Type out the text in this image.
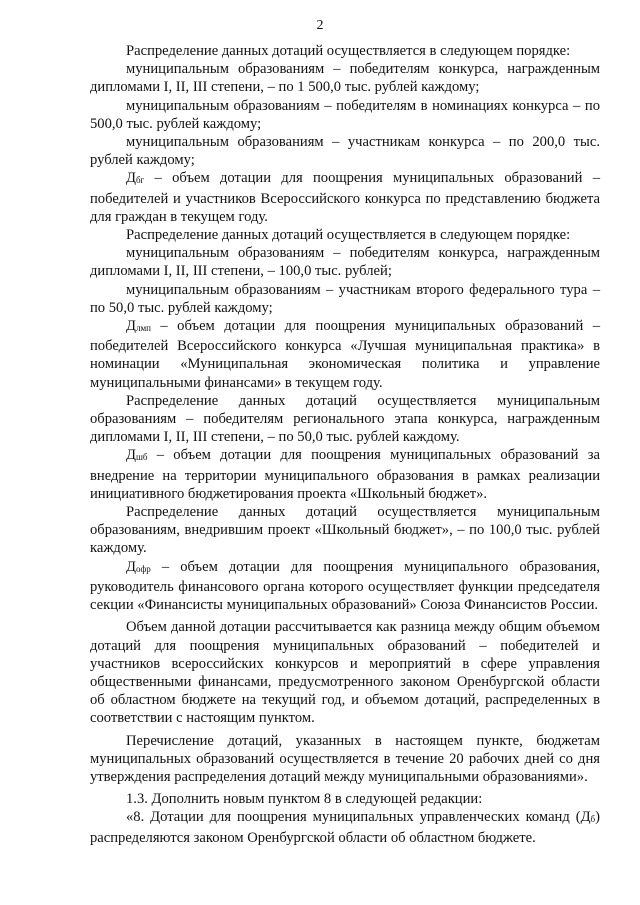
2

Распределение данных дотаций осуществляется в следующем порядке:

муниципальным образованиям – победителям конкурса, награжденным дипломами I, II, III степени, – по 1 500,0 тыс. рублей каждому;

муниципальным образованиям – победителям в номинациях конкурса – по 500,0 тыс. рублей каждому;

муниципальным образованиям – участникам конкурса – по 200,0 тыс. рублей каждому;

Дбг – объем дотации для поощрения муниципальных образований – победителей и участников Всероссийского конкурса по представлению бюджета для граждан в текущем году.

Распределение данных дотаций осуществляется в следующем порядке:

муниципальным образованиям – победителям конкурса, награжденным дипломами I, II, III степени, – 100,0 тыс. рублей;

муниципальным образованиям – участникам второго федерального тура – по 50,0 тыс. рублей каждому;

Длмп – объем дотации для поощрения муниципальных образований – победителей Всероссийского конкурса «Лучшая муниципальная практика» в номинации «Муниципальная экономическая политика и управление муниципальными финансами» в текущем году.

Распределение данных дотаций осуществляется муниципальным образованиям – победителям регионального этапа конкурса, награжденным дипломами I, II, III степени, – по 50,0 тыс. рублей каждому.

Дшб – объем дотации для поощрения муниципальных образований за внедрение на территории муниципального образования в рамках реализации инициативного бюджетирования проекта «Школьный бюджет».

Распределение данных дотаций осуществляется муниципальным образованиям, внедрившим проект «Школьный бюджет», – по 100,0 тыс. рублей каждому.

Дофр – объем дотации для поощрения муниципального образования, руководитель финансового органа которого осуществляет функции председателя секции «Финансисты муниципальных образований» Союза Финансистов России.

Объем данной дотации рассчитывается как разница между общим объемом дотаций для поощрения муниципальных образований – победителей и участников всероссийских конкурсов и мероприятий в сфере управления общественными финансами, предусмотренного законом Оренбургской области об областном бюджете на текущий год, и объемом дотаций, распределенных в соответствии с настоящим пунктом.

Перечисление дотаций, указанных в настоящем пункте, бюджетам муниципальных образований осуществляется в течение 20 рабочих дней со дня утверждения распределения дотаций между муниципальными образованиями».

1.3. Дополнить новым пунктом 8 в следующей редакции:

«8. Дотации для поощрения муниципальных управленческих команд (Дб) распределяются законом Оренбургской области об областном бюджете.
